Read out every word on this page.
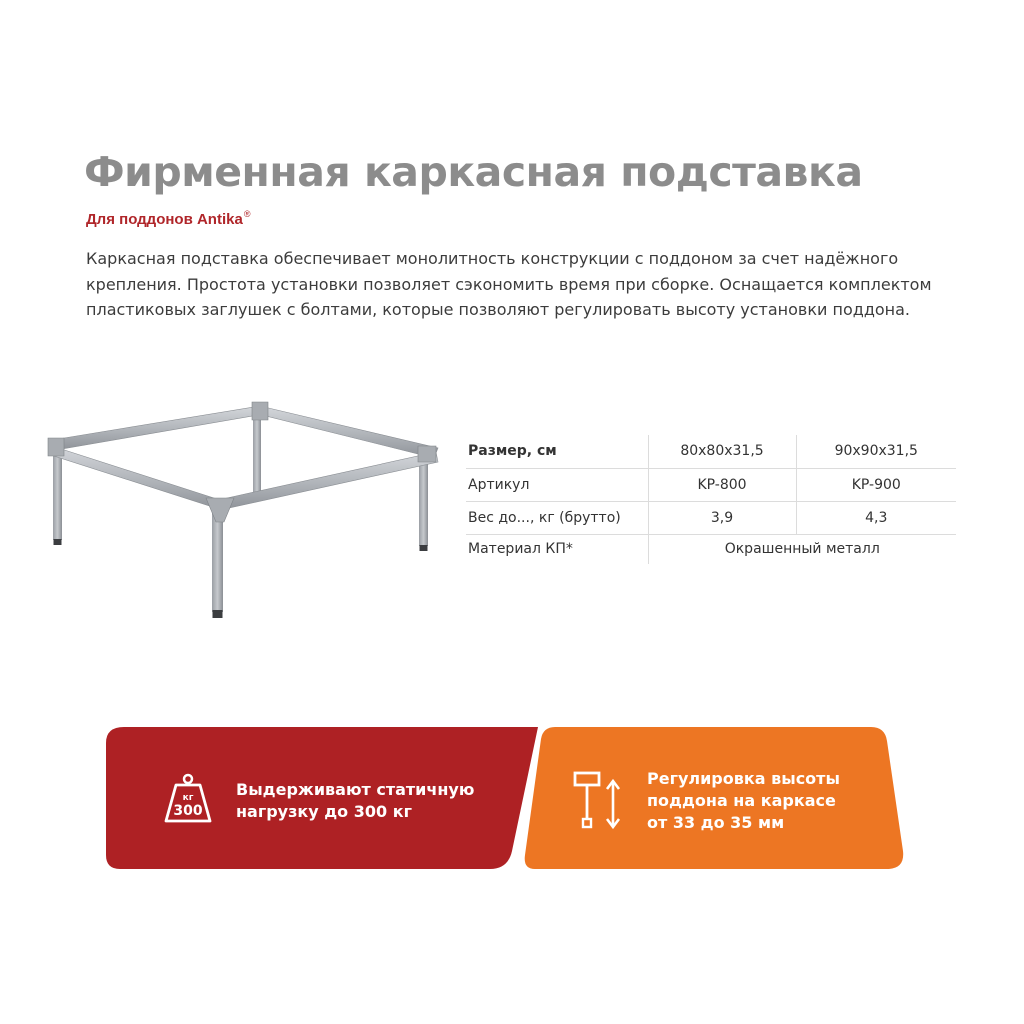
Фирменная каркасная подставка
Для поддонов Antika®

Каркасная подставка обеспечивает монолитность конструкции с поддоном за счет надёжного крепления. Простота установки позволяет сэкономить время при сборке. Оснащается комплектом пластиковых заглушек с болтами, которые позволяют регулировать высоту установки поддона.

Размер, см	80x80x31,5	90x90x31,5
Артикул	KP-800	KP-900
Вес до..., кг (брутто)	3,9	4,3
Материал КП*	Окрашенный металл	
кг
300
Выдерживают статичную
нагрузку до 300 кг
Регулировка высоты
поддона на каркасе
от 33 до 35 мм
